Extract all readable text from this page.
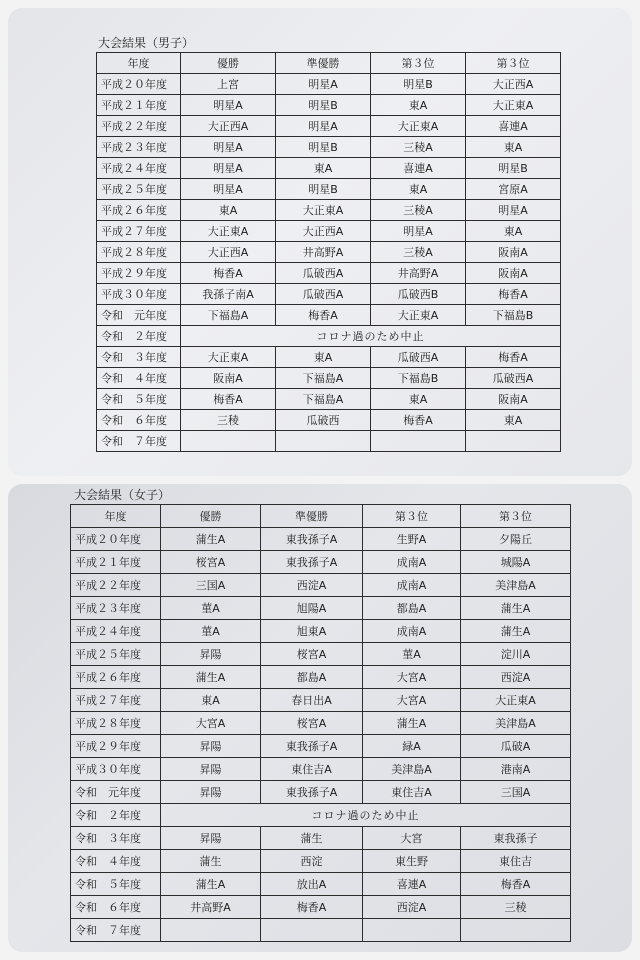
大会結果（男子）
年度	優勝	準優勝	第３位	第３位
平成２０年度	上宮	明星A	明星B	大正西A
平成２１年度	明星A	明星B	東A	大正東A
平成２２年度	大正西A	明星A	大正東A	喜連A
平成２３年度	明星A	明星B	三稜A	東A
平成２４年度	明星A	東A	喜連A	明星B
平成２５年度	明星A	明星B	東A	宮原A
平成２６年度	東A	大正東A	三稜A	明星A
平成２７年度	大正東A	大正西A	明星A	東A
平成２８年度	大正西A	井高野A	三稜A	阪南A
平成２９年度	梅香A	瓜破西A	井高野A	阪南A
平成３０年度	我孫子南A	瓜破西A	瓜破西B	梅香A
令和　元年度	下福島A	梅香A	大正東A	下福島B
令和　２年度	コロナ過のため中止			
令和　３年度	大正東A	東A	瓜破西A	梅香A
令和　４年度	阪南A	下福島A	下福島B	瓜破西A
令和　５年度	梅香A	下福島A	東A	阪南A
令和　６年度	三稜	瓜破西	梅香A	東A
令和　７年度				
大会結果（女子）
年度	優勝	準優勝	第３位	第３位
平成２０年度	蒲生A	東我孫子A	生野A	夕陽丘
平成２１年度	桜宮A	東我孫子A	成南A	城陽A
平成２２年度	三国A	西淀A	成南A	美津島A
平成２３年度	菫A	旭陽A	都島A	蒲生A
平成２４年度	菫A	旭東A	成南A	蒲生A
平成２５年度	昇陽	桜宮A	菫A	淀川A
平成２６年度	蒲生A	都島A	大宮A	西淀A
平成２７年度	東A	春日出A	大宮A	大正東A
平成２８年度	大宮A	桜宮A	蒲生A	美津島A
平成２９年度	昇陽	東我孫子A	緑A	瓜破A
平成３０年度	昇陽	東住吉A	美津島A	港南A
令和　元年度	昇陽	東我孫子A	東住吉A	三国A
令和　２年度	コロナ過のため中止			
令和　３年度	昇陽	蒲生	大宮	東我孫子
令和　４年度	蒲生	西淀	東生野	東住吉
令和　５年度	蒲生A	放出A	喜連A	梅香A
令和　６年度	井高野A	梅香A	西淀A	三稜
令和　７年度				
